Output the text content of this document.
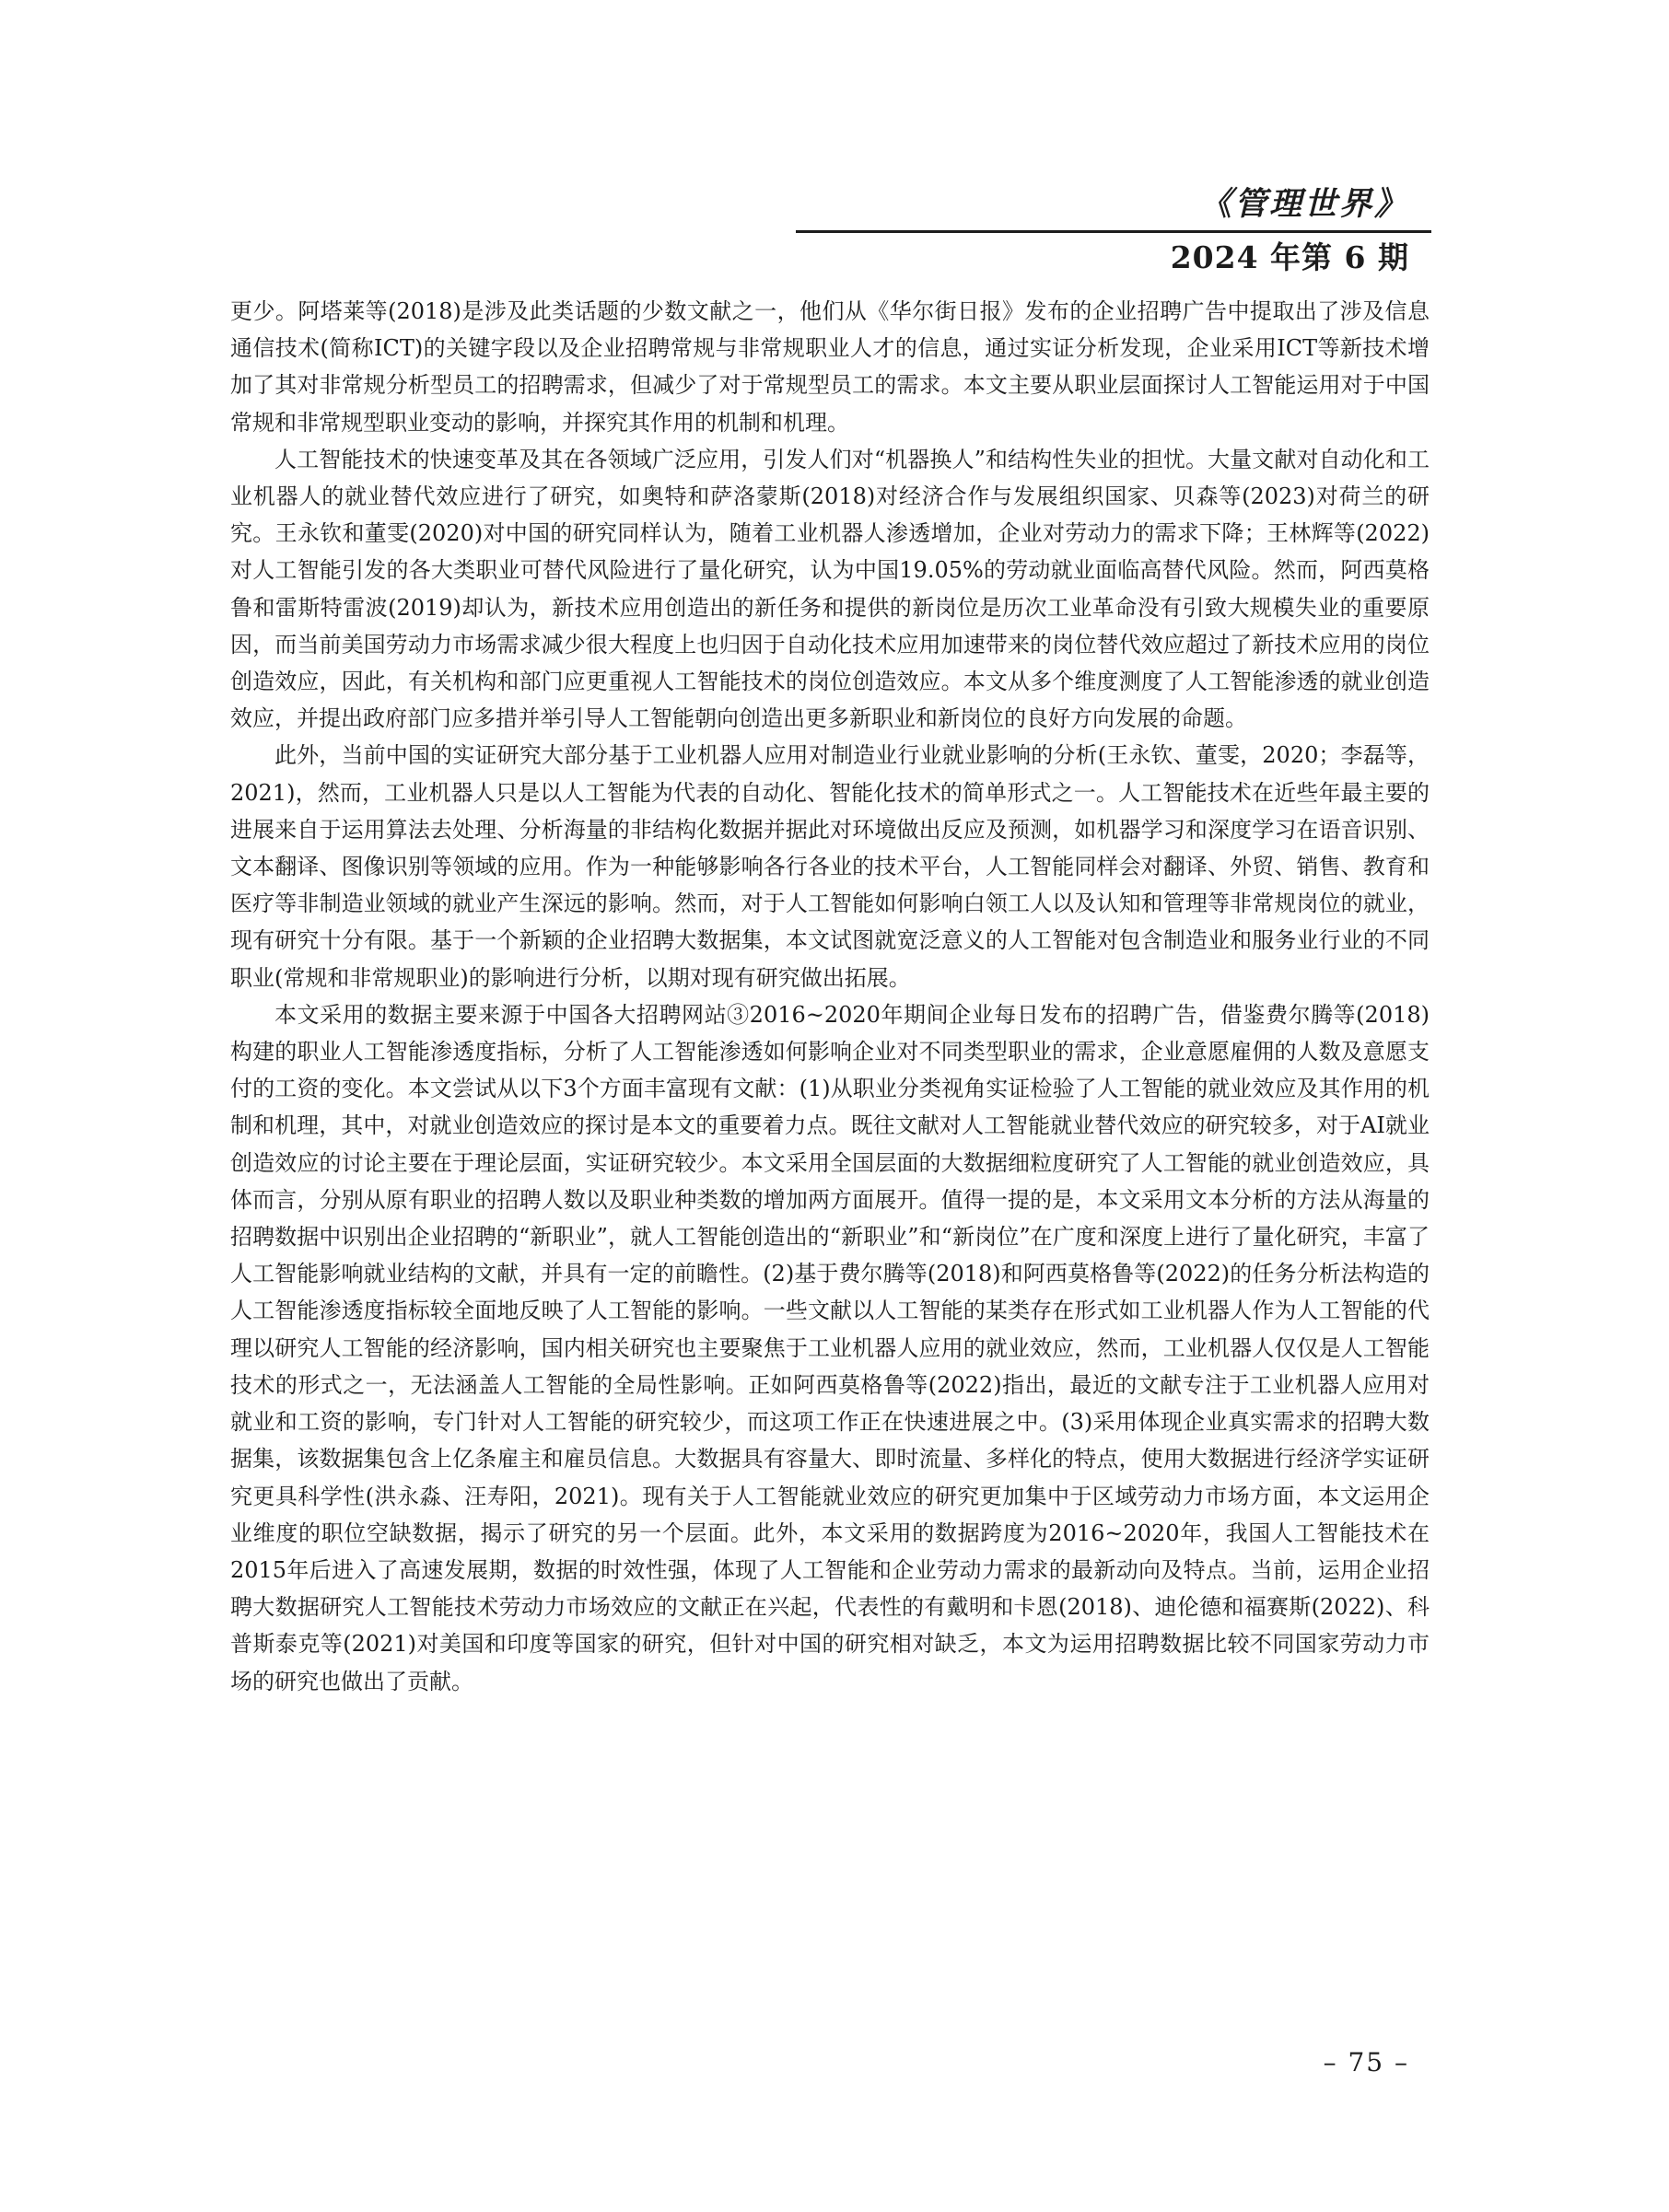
《管理世界》
2024 年第 6 期

更少。阿塔莱等(2018)是涉及此类话题的少数文献之一，他们从《华尔街日报》发布的企业招聘广告中提取出了涉及信息通信技术(简称ICT)的关键字段以及企业招聘常规与非常规职业人才的信息，通过实证分析发现，企业采用ICT等新技术增加了其对非常规分析型员工的招聘需求，但减少了对于常规型员工的需求。本文主要从职业层面探讨人工智能运用对于中国常规和非常规型职业变动的影响，并探究其作用的机制和机理。

人工智能技术的快速变革及其在各领域广泛应用，引发人们对“机器换人”和结构性失业的担忧。大量文献对自动化和工业机器人的就业替代效应进行了研究，如奥特和萨洛蒙斯(2018)对经济合作与发展组织国家、贝森等(2023)对荷兰的研究。王永钦和董雯(2020)对中国的研究同样认为，随着工业机器人渗透增加，企业对劳动力的需求下降；王林辉等(2022)对人工智能引发的各大类职业可替代风险进行了量化研究，认为中国19.05%的劳动就业面临高替代风险。然而，阿西莫格鲁和雷斯特雷波(2019)却认为，新技术应用创造出的新任务和提供的新岗位是历次工业革命没有引致大规模失业的重要原因，而当前美国劳动力市场需求减少很大程度上也归因于自动化技术应用加速带来的岗位替代效应超过了新技术应用的岗位创造效应，因此，有关机构和部门应更重视人工智能技术的岗位创造效应。本文从多个维度测度了人工智能渗透的就业创造效应，并提出政府部门应多措并举引导人工智能朝向创造出更多新职业和新岗位的良好方向发展的命题。

此外，当前中国的实证研究大部分基于工业机器人应用对制造业行业就业影响的分析(王永钦、董雯，2020；李磊等，2021)，然而，工业机器人只是以人工智能为代表的自动化、智能化技术的简单形式之一。人工智能技术在近些年最主要的进展来自于运用算法去处理、分析海量的非结构化数据并据此对环境做出反应及预测，如机器学习和深度学习在语音识别、文本翻译、图像识别等领域的应用。作为一种能够影响各行各业的技术平台，人工智能同样会对翻译、外贸、销售、教育和医疗等非制造业领域的就业产生深远的影响。然而，对于人工智能如何影响白领工人以及认知和管理等非常规岗位的就业，现有研究十分有限。基于一个新颖的企业招聘大数据集，本文试图就宽泛意义的人工智能对包含制造业和服务业行业的不同职业(常规和非常规职业)的影响进行分析，以期对现有研究做出拓展。

本文采用的数据主要来源于中国各大招聘网站③2016~2020年期间企业每日发布的招聘广告，借鉴费尔腾等(2018)构建的职业人工智能渗透度指标，分析了人工智能渗透如何影响企业对不同类型职业的需求，企业意愿雇佣的人数及意愿支付的工资的变化。本文尝试从以下3个方面丰富现有文献：(1)从职业分类视角实证检验了人工智能的就业效应及其作用的机制和机理，其中，对就业创造效应的探讨是本文的重要着力点。既往文献对人工智能就业替代效应的研究较多，对于AI就业创造效应的讨论主要在于理论层面，实证研究较少。本文采用全国层面的大数据细粒度研究了人工智能的就业创造效应，具体而言，分别从原有职业的招聘人数以及职业种类数的增加两方面展开。值得一提的是，本文采用文本分析的方法从海量的招聘数据中识别出企业招聘的“新职业”，就人工智能创造出的“新职业”和“新岗位”在广度和深度上进行了量化研究，丰富了人工智能影响就业结构的文献，并具有一定的前瞻性。(2)基于费尔腾等(2018)和阿西莫格鲁等(2022)的任务分析法构造的人工智能渗透度指标较全面地反映了人工智能的影响。一些文献以人工智能的某类存在形式如工业机器人作为人工智能的代理以研究人工智能的经济影响，国内相关研究也主要聚焦于工业机器人应用的就业效应，然而，工业机器人仅仅是人工智能技术的形式之一，无法涵盖人工智能的全局性影响。正如阿西莫格鲁等(2022)指出，最近的文献专注于工业机器人应用对就业和工资的影响，专门针对人工智能的研究较少，而这项工作正在快速进展之中。(3)采用体现企业真实需求的招聘大数据集，该数据集包含上亿条雇主和雇员信息。大数据具有容量大、即时流量、多样化的特点，使用大数据进行经济学实证研究更具科学性(洪永淼、汪寿阳，2021)。现有关于人工智能就业效应的研究更加集中于区域劳动力市场方面，本文运用企业维度的职位空缺数据，揭示了研究的另一个层面。此外，本文采用的数据跨度为2016~2020年，我国人工智能技术在2015年后进入了高速发展期，数据的时效性强，体现了人工智能和企业劳动力需求的最新动向及特点。当前，运用企业招聘大数据研究人工智能技术劳动力市场效应的文献正在兴起，代表性的有戴明和卡恩(2018)、迪伦德和福赛斯(2022)、科普斯泰克等(2021)对美国和印度等国家的研究，但针对中国的研究相对缺乏，本文为运用招聘数据比较不同国家劳动力市场的研究也做出了贡献。

– 75 –
